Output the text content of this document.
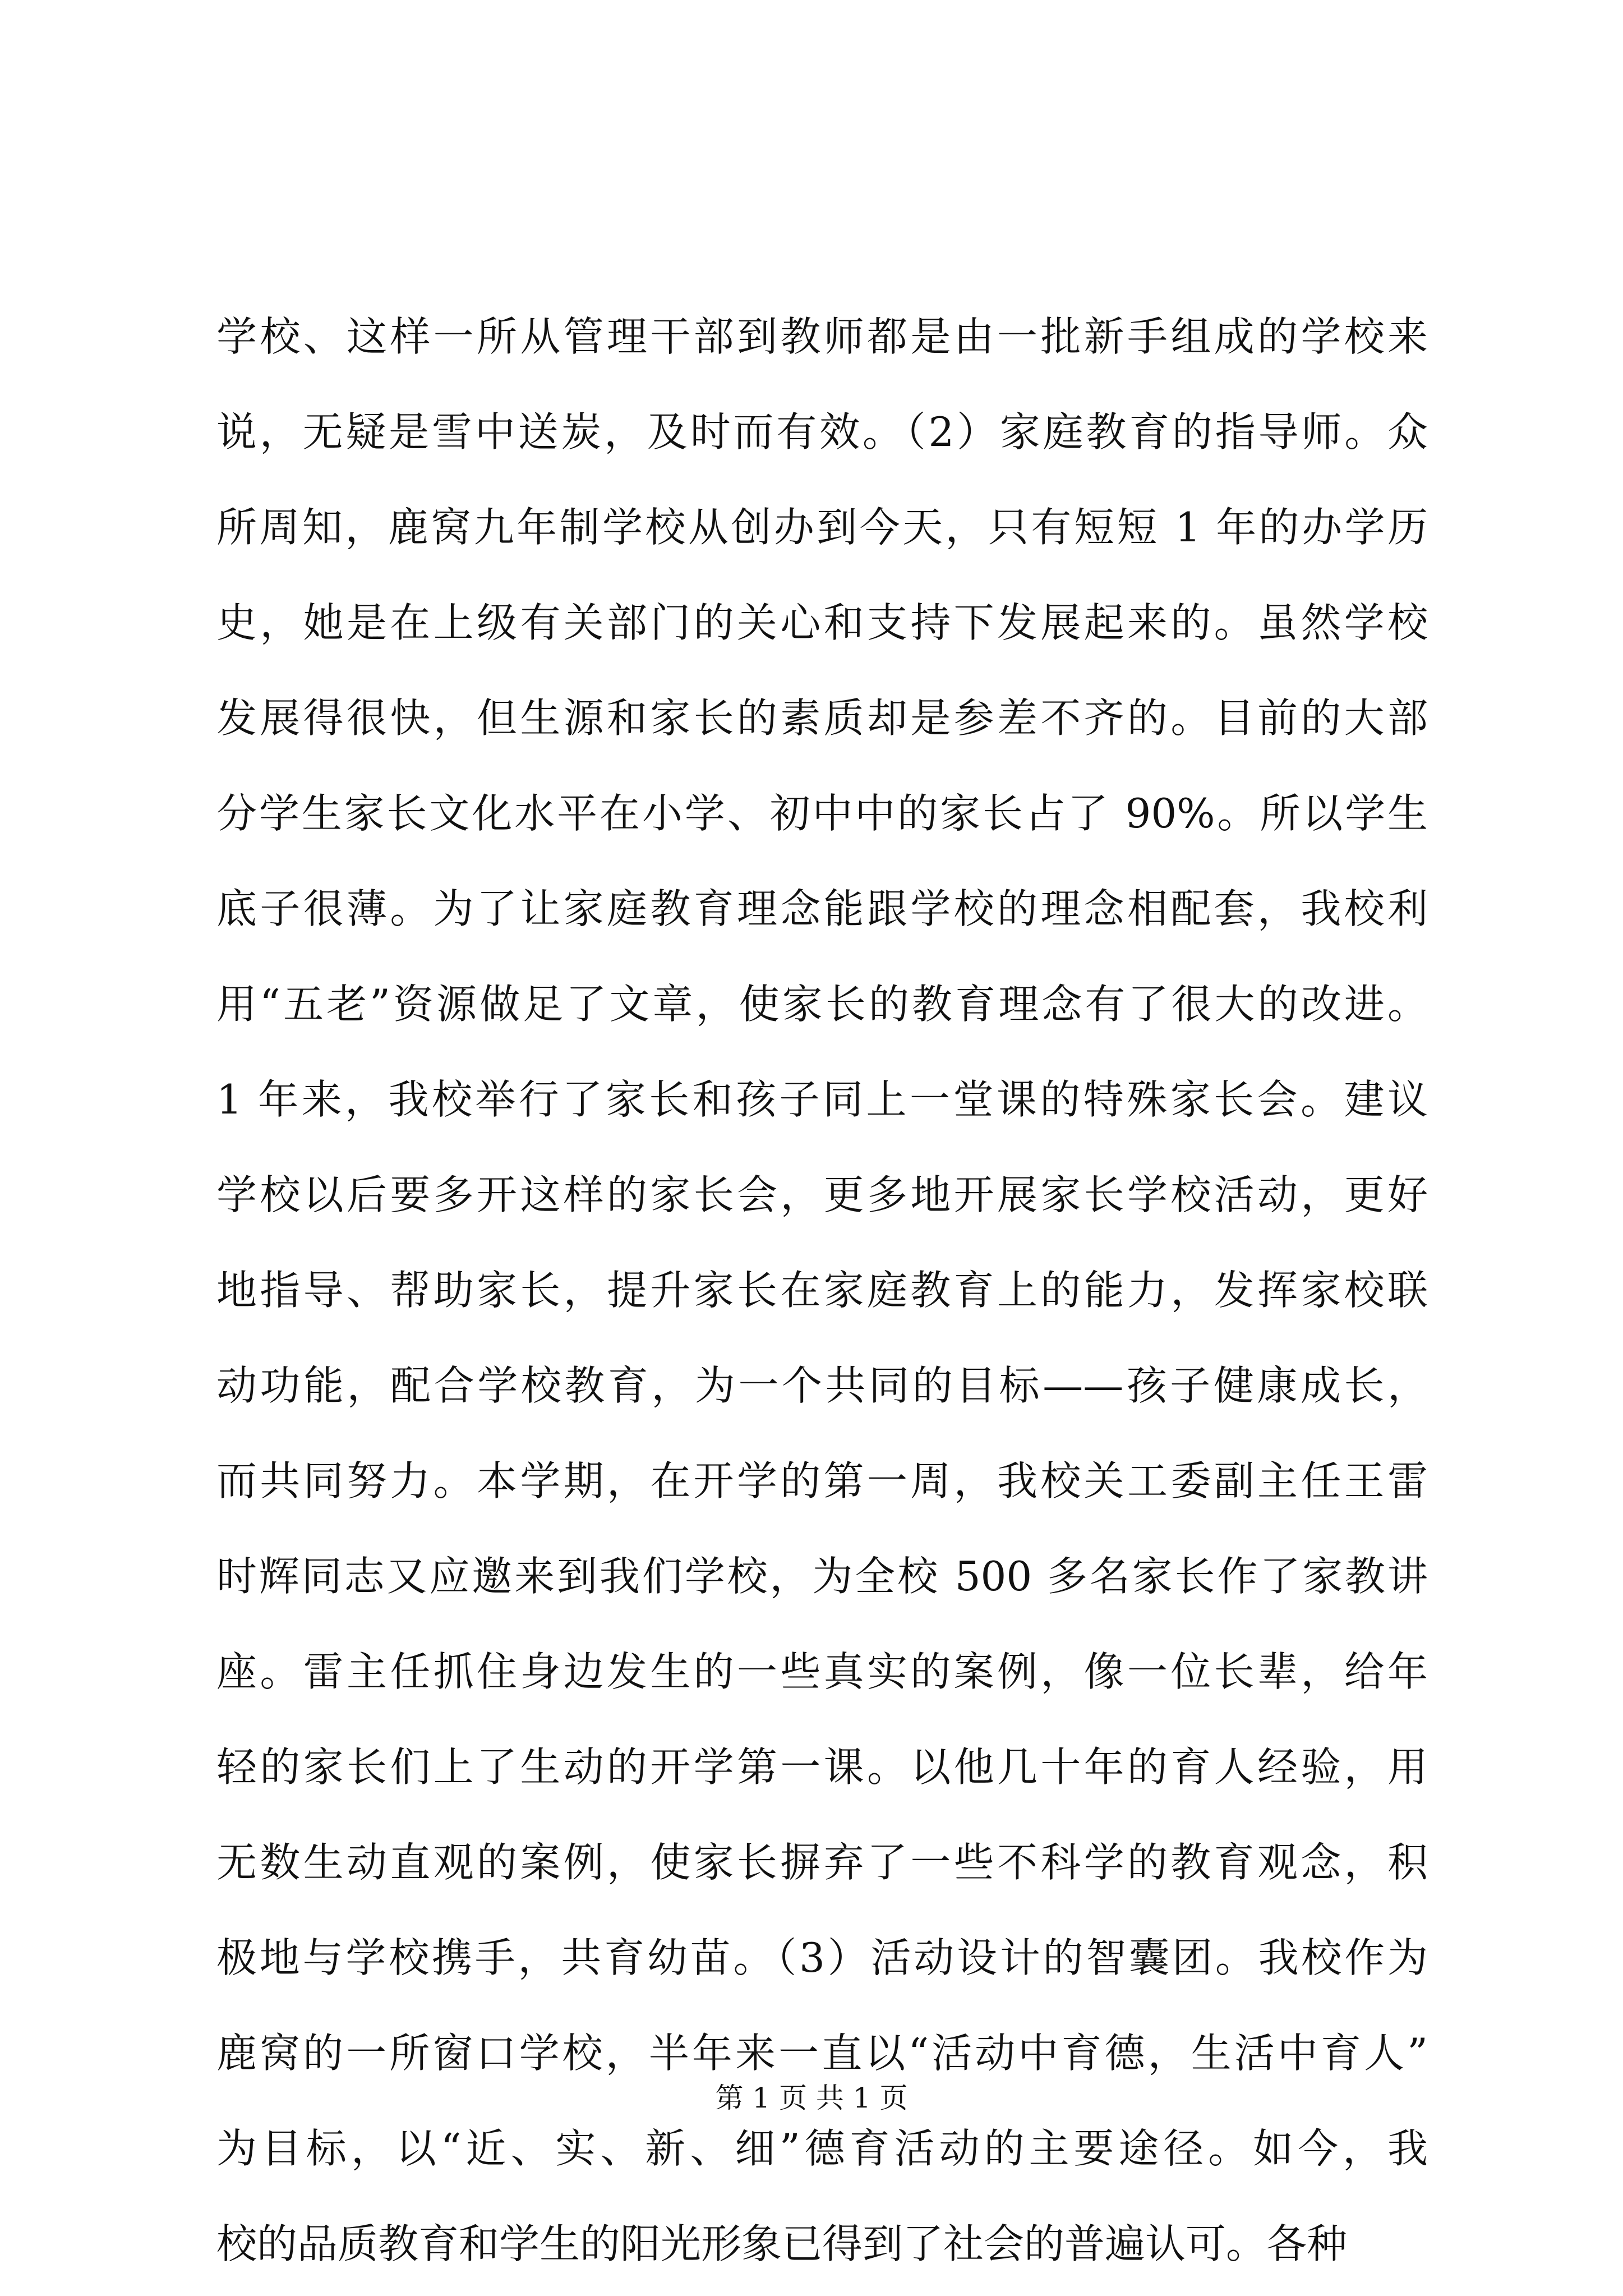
学校、这样一所从管理干部到教师都是由一批新手组成的学校来
说，无疑是雪中送炭，及时而有效。（2）家庭教育的指导师。众
所周知，鹿窝九年制学校从创办到今天，只有短短 1 年的办学历
史，她是在上级有关部门的关心和支持下发展起来的。虽然学校
发展得很快，但生源和家长的素质却是参差不齐的。目前的大部
分学生家长文化水平在小学、初中中的家长占了 90%。所以学生
底子很薄。为了让家庭教育理念能跟学校的理念相配套，我校利
用“五老”资源做足了文章，使家长的教育理念有了很大的改进。
1 年来，我校举行了家长和孩子同上一堂课的特殊家长会。建议
学校以后要多开这样的家长会，更多地开展家长学校活动，更好
地指导、帮助家长，提升家长在家庭教育上的能力，发挥家校联
动功能，配合学校教育，为一个共同的目标——孩子健康成长，
而共同努力。本学期，在开学的第一周，我校关工委副主任王雷
时辉同志又应邀来到我们学校，为全校 500 多名家长作了家教讲
座。雷主任抓住身边发生的一些真实的案例，像一位长辈，给年
轻的家长们上了生动的开学第一课。以他几十年的育人经验，用
无数生动直观的案例，使家长摒弃了一些不科学的教育观念，积
极地与学校携手，共育幼苗。（3）活动设计的智囊团。我校作为
鹿窝的一所窗口学校，半年来一直以“活动中育德，生活中育人”
为目标，以“近、实、新、细”德育活动的主要途径。如今，我
校的品质教育和学生的阳光形象已得到了社会的普遍认可。各种
第 1 页 共 1 页
